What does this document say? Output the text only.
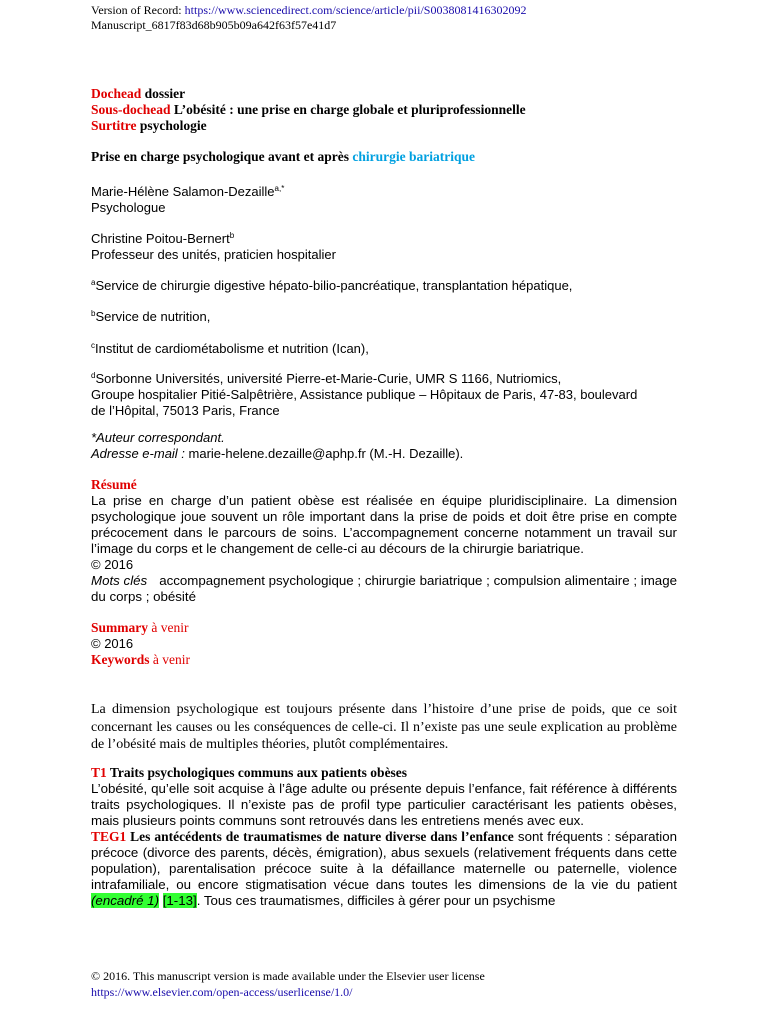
Version of Record: https://www.sciencedirect.com/science/article/pii/S0038081416302092
Manuscript_6817f83d68b905b09a642f63f57e41d7
Dochead dossier
Sous-dochead L’obésité : une prise en charge globale et pluriprofessionnelle
Surtitre psychologie
Prise en charge psychologique avant et après chirurgie bariatrique
Marie-Hélène Salamon-Dezaille$^{a,*}$
Psychologue
Christine Poitou-Bernert$^b$
Professeur des unités, praticien hospitalier
$^a$Service de chirurgie digestive hépato-bilio-pancréatique, transplantation hépatique,
$^b$Service de nutrition,
$^c$Institut de cardiométabolisme et nutrition (Ican),
$^d$Sorbonne Universités, université Pierre-et-Marie-Curie, UMR S 1166, Nutriomics,
Groupe hospitalier Pitié-Salpêtrière, Assistance publique – Hôpitaux de Paris, 47-83, boulevard
de l’Hôpital, 75013 Paris, France
*Auteur correspondant.
Adresse e-mail : marie-helene.dezaille@aphp.fr (M.-H. Dezaille).
Résumé
La prise en charge d’un patient obèse est réalisée en équipe pluridisciplinaire. La dimension psychologique joue souvent un rôle important dans la prise de poids et doit être prise en compte précocement dans le parcours de soins. L’accompagnement concerne notamment un travail sur l’image du corps et le changement de celle-ci au décours de la chirurgie bariatrique.
© 2016
Mots clés accompagnement psychologique ; chirurgie bariatrique ; compulsion alimentaire ; image du corps ; obésité
Summary à venir
© 2016
Keywords à venir
La dimension psychologique est toujours présente dans l’histoire d’une prise de poids, que ce soit concernant les causes ou les conséquences de celle-ci. Il n’existe pas une seule explication au problème de l’obésité mais de multiples théories, plutôt complémentaires.
T1 Traits psychologiques communs aux patients obèses
L’obésité, qu’elle soit acquise à l’âge adulte ou présente depuis l’enfance, fait référence à différents traits psychologiques. Il n’existe pas de profil type particulier caractérisant les patients obèses, mais plusieurs points communs sont retrouvés dans les entretiens menés avec eux.
TEG1 Les antécédents de traumatismes de nature diverse dans l’enfance sont fréquents : séparation précoce (divorce des parents, décès, émigration), abus sexuels (relativement fréquents dans cette population), parentalisation précoce suite à la défaillance maternelle ou paternelle, violence intrafamiliale, ou encore stigmatisation vécue dans toutes les dimensions de la vie du patient (encadré 1) [1-13]. Tous ces traumatismes, difficiles à gérer pour un psychisme
© 2016. This manuscript version is made available under the Elsevier user license
https://www.elsevier.com/open-access/userlicense/1.0/
